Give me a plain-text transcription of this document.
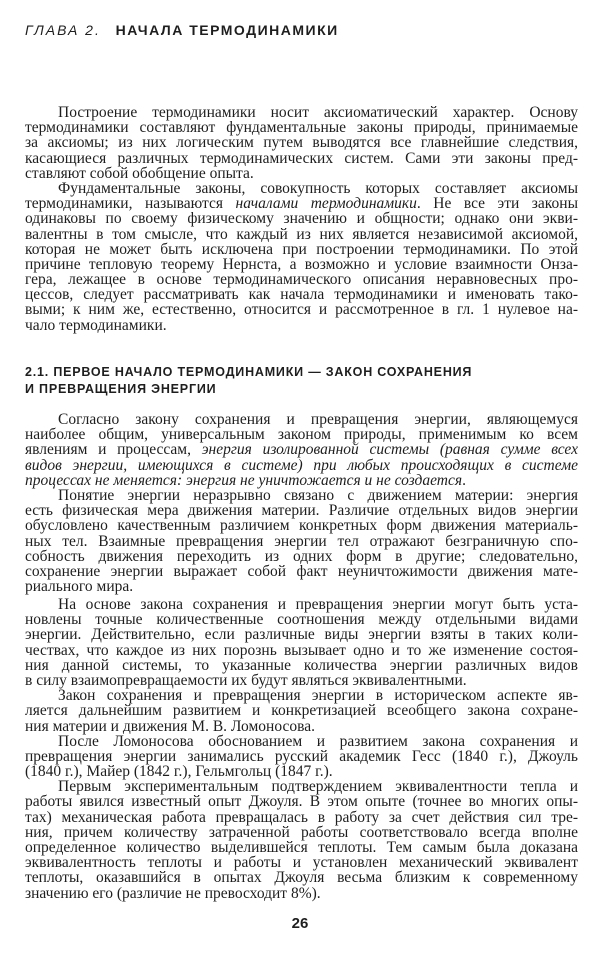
ГЛАВА 2. НАЧАЛА ТЕРМОДИНАМИКИ
Построение термодинамики носит аксиоматический характер. Основу
термодинамики составляют фундаментальные законы природы, принимаемые
за аксиомы; из них логическим путем выводятся все главнейшие следствия,
касающиеся различных термодинамических систем. Сами эти законы пред-
ставляют собой обобщение опыта.
Фундаментальные законы, совокупность которых составляет аксиомы
термодинамики, называются началами термодинамики. Не все эти законы
одинаковы по своему физическому значению и общности; однако они экви-
валентны в том смысле, что каждый из них является независимой аксиомой,
которая не может быть исключена при построении термодинамики. По этой
причине тепловую теорему Нернста, а возможно и условие взаимности Онза-
гера, лежащее в основе термодинамического описания неравновесных про-
цессов, следует рассматривать как начала термодинамики и именовать тако-
выми; к ним же, естественно, относится и рассмотренное в гл. 1 нулевое на-
чало термодинамики.
2.1. ПЕРВОЕ НАЧАЛО ТЕРМОДИНАМИКИ — ЗАКОН СОХРАНЕНИЯ
И ПРЕВРАЩЕНИЯ ЭНЕРГИИ
Согласно закону сохранения и превращения энергии, являющемуся
наиболее общим, универсальным законом природы, применимым ко всем
явлениям и процессам, энергия изолированной системы (равная сумме всех
видов энергии, имеющихся в системе) при любых происходящих в системе
процессах не меняется: энергия не уничтожается и не создается.
Понятие энергии неразрывно связано с движением материи: энергия
есть физическая мера движения материи. Различие отдельных видов энергии
обусловлено качественным различием конкретных форм движения материаль-
ных тел. Взаимные превращения энергии тел отражают безграничную спо-
собность движения переходить из одних форм в другие; следовательно,
сохранение энергии выражает собой факт неуничтожимости движения мате-
риального мира.
На основе закона сохранения и превращения энергии могут быть уста-
новлены точные количественные соотношения между отдельными видами
энергии. Действительно, если различные виды энергии взяты в таких коли-
чествах, что каждое из них порознь вызывает одно и то же изменение состоя-
ния данной системы, то указанные количества энергии различных видов
в силу взаимопревращаемости их будут являться эквивалентными.
Закон сохранения и превращения энергии в историческом аспекте яв-
ляется дальнейшим развитием и конкретизацией всеобщего закона сохране-
ния материи и движения М. В. Ломоносова.
После Ломоносова обоснованием и развитием закона сохранения и
превращения энергии занимались русский академик Гесс (1840 г.), Джоуль
(1840 г.), Майер (1842 г.), Гельмгольц (1847 г.).
Первым экспериментальным подтверждением эквивалентности тепла и
работы явился известный опыт Джоуля. В этом опыте (точнее во многих опы-
тах) механическая работа превращалась в работу за счет действия сил тре-
ния, причем количеству затраченной работы соответствовало всегда вполне
определенное количество выделившейся теплоты. Тем самым была доказана
эквивалентность теплоты и работы и установлен механический эквивалент
теплоты, оказавшийся в опытах Джоуля весьма близким к современному
значению его (различие не превосходит 8%).
26
